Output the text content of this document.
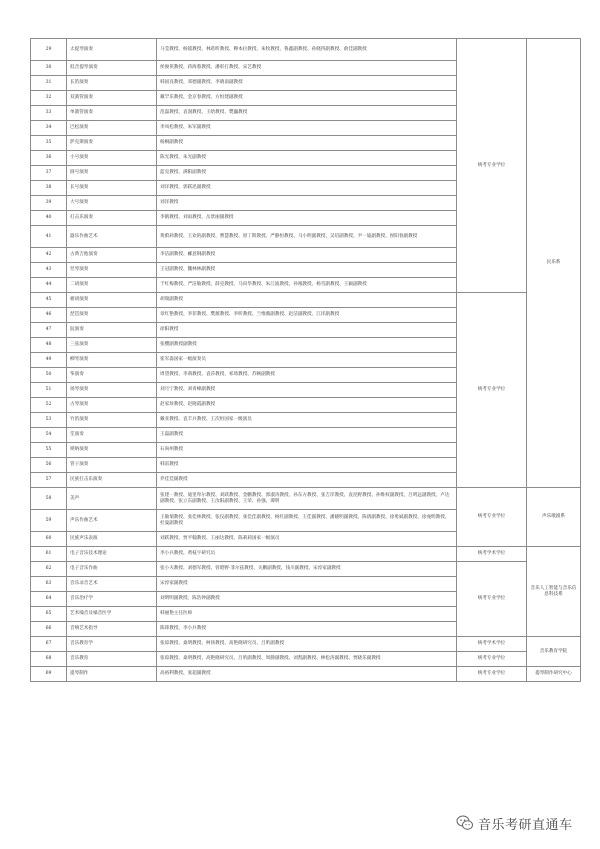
29	太提琴演奏	马莹教授、杨镭教授、林希昕教授、穆本拉教授、朱牧教授、鲁鑫副教授、孙晓四副教授、俞佳副教授	统考专业学位	民乐系
30	低音提琴演奏	侯俊侠教授、蒋海蓉教授、潘彰打教授、宋艺教授		
31	长笛演奏	韩国良教授、邓德副教授、李晓南副教授		
32	双簧管演奏	戴罕乐教授、金京春教授、方恒建副教授		
33	单簧管演奏	范磊教授、袁润教授、王晗教授、樊巍教授		
34	巴松演奏	李凤松教授、朱军副教授		
35	萨克斯演奏	杨桐副教授		
36	小号演奏	陈光教授、朱光副教授		
37	圆号演奏	蓝克教授、满阳副教授		
38	长号演奏	刘洋教授、郭跃迅副教授		
39	大号演奏	刘洋教授		
40	打击乐演奏	李鹤教授、刘雨教授、岳景丽副教授		
41	器乐作曲艺术	黄蔚莉教授、王欢的副教授、曹慧教授、原丁斯教授、严静恒教授、马小明副教授、吴培副教授、尹一迪副教授、侯阳春副教授		
42	古典吉他演奏	李洁副教授、郦意钢副教授		
43	竖琴演奏	王冠副教授、魏林林副教授		
44	二胡演奏	于红梅教授、严洁敏教授、薛克教授、马向华教授、朱江波教授、孙凰教授、杨雪副教授、王颖副教授		
45	板胡演奏	胡瑞副教授	统考专业学位	
46	琵琶演奏	章红艳教授、李菲教授、樊薇教授、李昕教授、兰维薇副教授、赵洁副教授、江洋副教授		
47	阮演奏	徐阳教授		
48	三弦演奏	张樱副教授副教授		
49	柳琴演奏	崔军淼国家一级演奏员		
50	筝演奏	周望教授、李萌教授、袁莎教授、祁琦教授、苏畅副教授		
51	扬琴演奏	刘月宁教授、刘青峰副教授		
52	古琴演奏	赵家珍教授、赵晓霞副教授		
53	竹笛演奏	戴亚教授、袁丰兵教授、王次恒国家一级演员		
54	笙演奏	王磊副教授		
55	唢呐演奏	石尚州教授		
56	管子演奏	韩雷教授		
57	民族打击乐演奏	乔佳佳副教授		
58	美声	张建一教授、迪里拜尔教授、刘跃教授、金鹏教授、郭淑涛教授、孙东方教授、张吉洋教授、袁昆野教授、孙维权副教授、吕明远副教授、卢达副教授、张立东副教授、王汝阳副教授、王荣、孙强、谭明	统考专业学位	声乐歌剧系
59	声乐作曲艺术	王敏瑞教授、张佳林教授、张仪副教授、张佳佳副教授、杨红副教授、王佳副教授、潘晓明副教授、陈倩副教授、徐勇斌副教授、徐虔明教授、杜曼副教授		
60	民族声乐表演	刘跃教授、贾平翰教授、王丽达教授、陈莉莉国家一级演员		
61	电子音乐技术理论	李小兵教授、黄枝宇研究员	统考学术学位	音乐人工智能与音乐信息科技系
62	电子音乐作曲	张小夫教授、刘德军教授、曾昭野·菲尔兹教授、关鹏副教授、钱川副教授、宋淳家副教授	统考专业学位	
63	音乐录音艺术	宋淳家副教授		
64	音乐治疗学	刘明明副教授、陈浩钟副教授		
65	艺术嗓音及嗓音医学	韩丽艳主任医师		
66	音响艺术指导	陈锋教授、李小兵教授		
67	音乐教育学	张琼教授、桑明教授、柯扬教授、高艳晓研究员、吕昕副教授	统考学术学位	音乐教育学院
68	音乐教育	张琼教授、桑明教授、高艳晓研究员、吕昕副教授、周静副教授、刘凯副教授、林松涛副教授、贾晓乐副教授	统考专业学位	
69	提琴制作	高裕利教授、张超副教授	统考专业学位	提琴制作研究中心
音乐考研直通车
